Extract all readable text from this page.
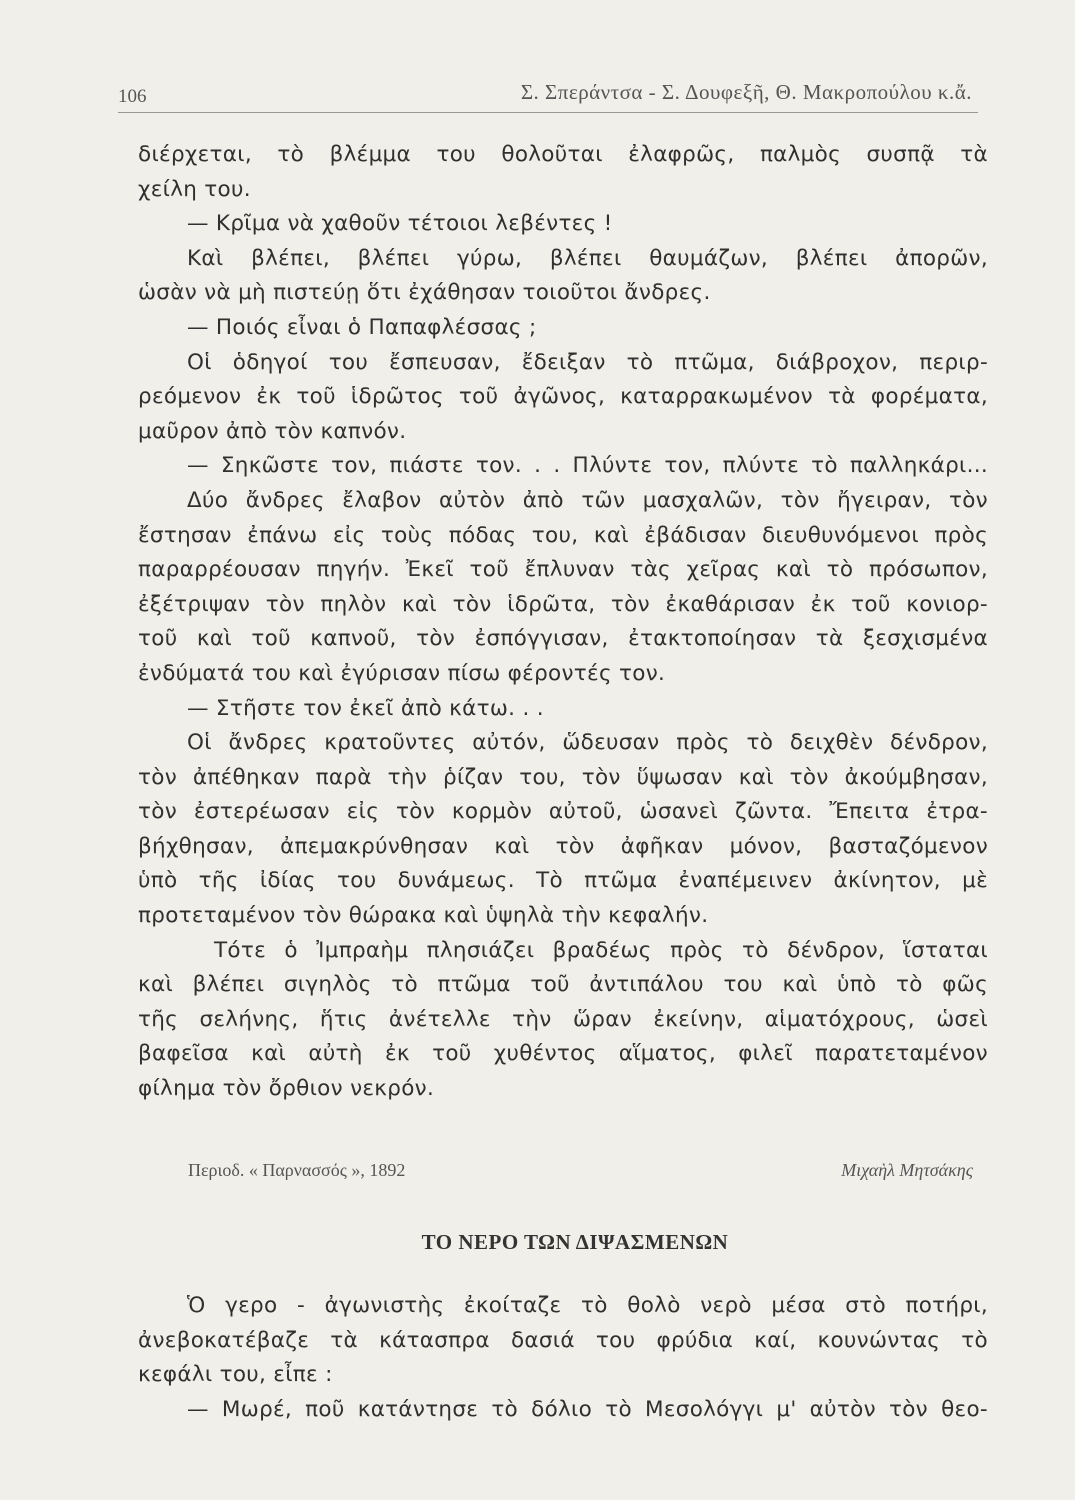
106	Σ. Σπεράντσα - Σ. Δουφεξῆ, Θ. Μακροπούλου κ.ἄ.
διέρχεται, τὸ βλέμμα του θολοῦται ἐλαφρῶς, παλμὸς συσπᾷ τὰ
χείλη του.
— Κρῖμα νὰ χαθοῦν τέτοιοι λεβέντες !
Καὶ βλέπει, βλέπει γύρω, βλέπει θαυμάζων, βλέπει ἀπορῶν,
ὡσὰν νὰ μὴ πιστεύῃ ὅτι ἐχάθησαν τοιοῦτοι ἄνδρες.
— Ποιός εἶναι ὁ Παπαφλέσσας ;
Οἱ ὁδηγοί του ἔσπευσαν, ἔδειξαν τὸ πτῶμα, διάβροχον, περιρ-
ρεόμενον ἐκ τοῦ ἱδρῶτος τοῦ ἀγῶνος, καταρρακωμένον τὰ φορέματα,
μαῦρον ἀπὸ τὸν καπνόν.
— Σηκῶστε τον, πιάστε τον. . . Πλύντε τον, πλύντε τὸ παλληκάρι...
Δύο ἄνδρες ἔλαβον αὐτὸν ἀπὸ τῶν μασχαλῶν, τὸν ἤγειραν, τὸν
ἔστησαν ἐπάνω εἰς τοὺς πόδας του, καὶ ἐβάδισαν διευθυνόμενοι πρὸς
παραρρέουσαν πηγήν. Ἐκεῖ τοῦ ἔπλυναν τὰς χεῖρας καὶ τὸ πρόσωπον,
ἐξέτριψαν τὸν πηλὸν καὶ τὸν ἱδρῶτα, τὸν ἐκαθάρισαν ἐκ τοῦ κονιορ-
τοῦ καὶ τοῦ καπνοῦ, τὸν ἐσπόγγισαν, ἐτακτοποίησαν τὰ ξεσχισμένα
ἐνδύματά του καὶ ἐγύρισαν πίσω φέροντές τον.
— Στῆστε τον ἐκεῖ ἀπὸ κάτω. . .
Οἱ ἄνδρες κρατοῦντες αὐτόν, ὥδευσαν πρὸς τὸ δειχθὲν δένδρον,
τὸν ἀπέθηκαν παρὰ τὴν ῥίζαν του, τὸν ὕψωσαν καὶ τὸν ἀκούμβησαν,
τὸν ἐστερέωσαν εἰς τὸν κορμὸν αὐτοῦ, ὡσανεὶ ζῶντα. Ἔπειτα ἐτρα-
βήχθησαν, ἀπεμακρύνθησαν καὶ τὸν ἀφῆκαν μόνον, βασταζόμενον
ὑπὸ τῆς ἰδίας του δυνάμεως. Τὸ πτῶμα ἐναπέμεινεν ἀκίνητον, μὲ
προτεταμένον τὸν θώρακα καὶ ὑψηλὰ τὴν κεφαλήν.
Τότε ὁ Ἰμπραὴμ πλησιάζει βραδέως πρὸς τὸ δένδρον, ἵσταται
καὶ βλέπει σιγηλὸς τὸ πτῶμα τοῦ ἀντιπάλου του καὶ ὑπὸ τὸ φῶς
τῆς σελήνης, ἥτις ἀνέτελλε τὴν ὥραν ἐκείνην, αἱματόχρους, ὡσεὶ
βαφεῖσα καὶ αὐτὴ ἐκ τοῦ χυθέντος αἵματος, φιλεῖ παρατεταμένον
φίλημα τὸν ὄρθιον νεκρόν.
Περιοδ. « Παρνασσός », 1892	Μιχαὴλ Μητσάκης
ΤΟ ΝΕΡΟ ΤΩΝ ΔΙΨΑΣΜΕΝΩΝ
Ὁ γερο - ἀγωνιστὴς ἐκοίταζε τὸ θολὸ νερὸ μέσα στὸ ποτήρι,
ἀνεβοκατέβαζε τὰ κάτασπρα δασιά του φρύδια καί, κουνώντας τὸ
κεφάλι του, εἶπε :
— Μωρέ, ποῦ κατάντησε τὸ δόλιο τὸ Μεσολόγγι μ' αὐτὸν τὸν θεο-
